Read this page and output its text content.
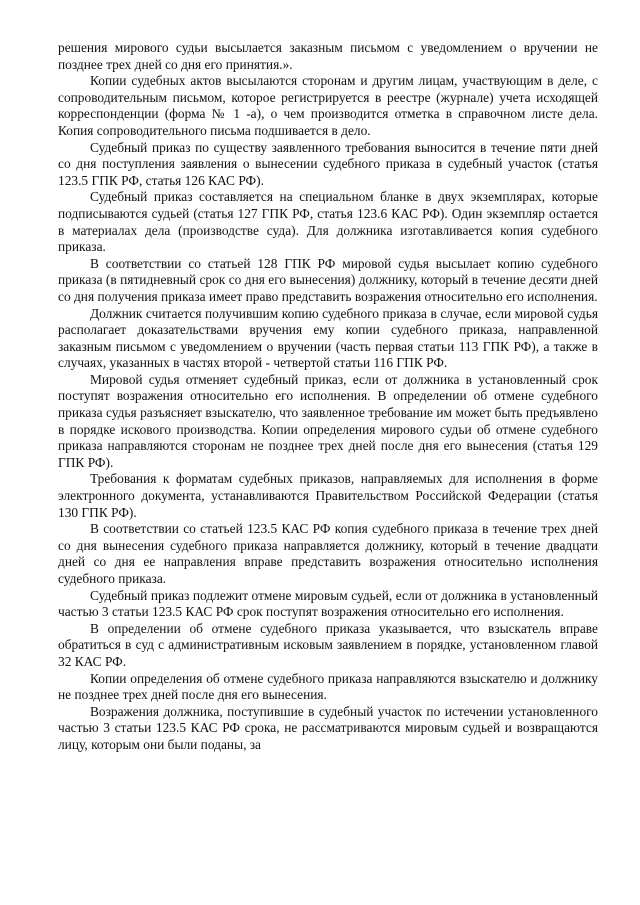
решения мирового судьи высылается заказным письмом с уведомлением о вручении не позднее трех дней со дня его принятия.».

Копии судебных актов высылаются сторонам и другим лицам, участвующим в деле, с сопроводительным письмом, которое регистрируется в реестре (журнале) учета исходящей корреспонденции (форма № 1 -а), о чем производится отметка в справочном листе дела. Копия сопроводительного письма подшивается в дело.

Судебный приказ по существу заявленного требования выносится в течение пяти дней со дня поступления заявления о вынесении судебного приказа в судебный участок (статья 123.5 ГПК РФ, статья 126 КАС РФ).

Судебный приказ составляется на специальном бланке в двух экземплярах, которые подписываются судьей (статья 127 ГПК РФ, статья 123.6 КАС РФ). Один экземпляр остается в материалах дела (производстве суда). Для должника изготавливается копия судебного приказа.

В соответствии со статьей 128 ГПК РФ мировой судья высылает копию судебного приказа (в пятидневный срок со дня его вынесения) должнику, который в течение десяти дней со дня получения приказа имеет право представить возражения относительно его исполнения.

Должник считается получившим копию судебного приказа в случае, если мировой судья располагает доказательствами вручения ему копии судебного приказа, направленной заказным письмом с уведомлением о вручении (часть первая статьи 113 ГПК РФ), а также в случаях, указанных в частях второй - четвертой статьи 116 ГПК РФ.

Мировой судья отменяет судебный приказ, если от должника в установленный срок поступят возражения относительно его исполнения. В определении об отмене судебного приказа судья разъясняет взыскателю, что заявленное требование им может быть предъявлено в порядке искового производства. Копии определения мирового судьи об отмене судебного приказа направляются сторонам не позднее трех дней после дня его вынесения (статья 129 ГПК РФ).

Требования к форматам судебных приказов, направляемых для исполнения в форме электронного документа, устанавливаются Правительством Российской Федерации (статья 130 ГПК РФ).

В соответствии со статьей 123.5 КАС РФ копия судебного приказа в течение трех дней со дня вынесения судебного приказа направляется должнику, который в течение двадцати дней со дня ее направления вправе представить возражения относительно исполнения судебного приказа.

Судебный приказ подлежит отмене мировым судьей, если от должника в установленный частью 3 статьи 123.5 КАС РФ срок поступят возражения относительно его исполнения.

В определении об отмене судебного приказа указывается, что взыскатель вправе обратиться в суд с административным исковым заявлением в порядке, установленном главой 32 КАС РФ.

Копии определения об отмене судебного приказа направляются взыскателю и должнику не позднее трех дней после дня его вынесения.

Возражения должника, поступившие в судебный участок по истечении установленного частью 3 статьи 123.5 КАС РФ срока, не рассматриваются мировым судьей и возвращаются лицу, которым они были поданы, за
